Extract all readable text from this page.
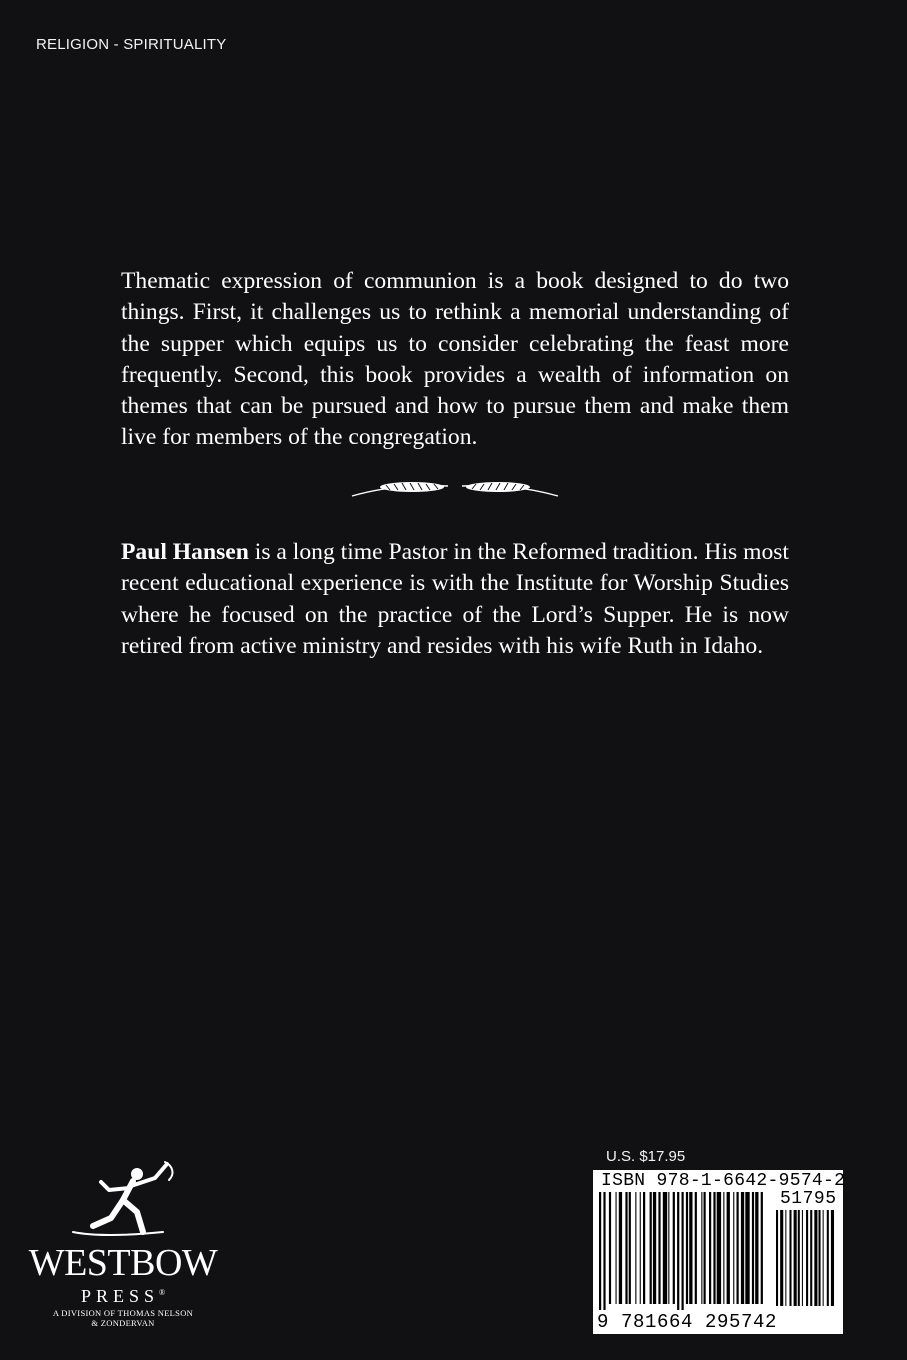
RELIGION - SPIRITUALITY

Thematic expression of communion is a book designed to do two things. First, it challenges us to rethink a memorial understanding of the supper which equips us to consider celebrating the feast more frequently. Second, this book provides a wealth of information on themes that can be pursued and how to pursue them and make them live for members of the congregation.

Paul Hansen is a long time Pastor in the Reformed tradition. His most recent educational experience is with the Institute for Worship Studies where he focused on the practice of the Lord’s Supper. He is now retired from active ministry and resides with his wife Ruth in Idaho.

WESTBOW
PRESS®
A DIVISION OF THOMAS NELSON
& ZONDERVAN
U.S. $17.95
ISBN 978-1-6642-9574-2
51795
9 781664 295742
